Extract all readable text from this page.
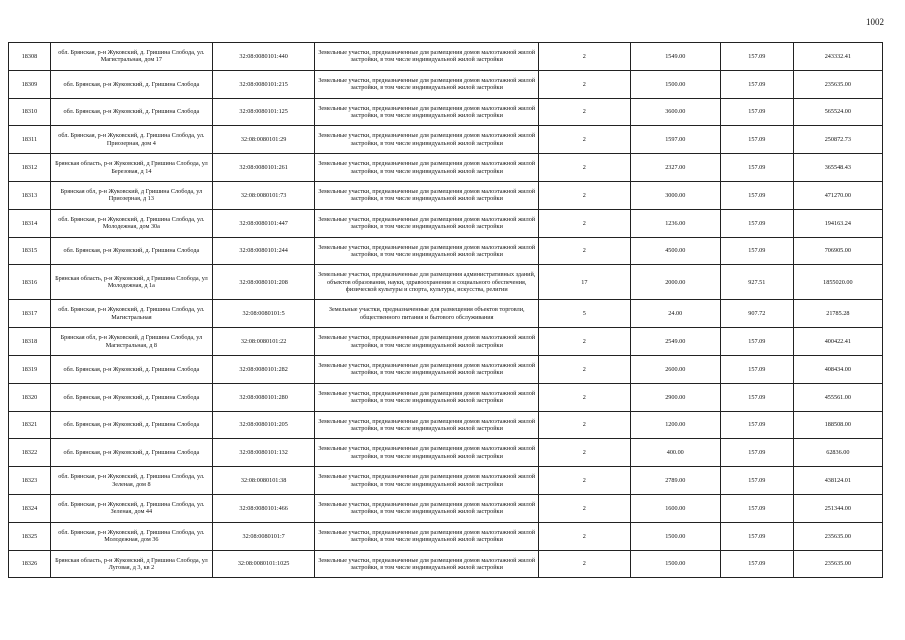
1002
18308	обл. Брянская, р-н Жуковский, д. Гришина Слобода, ул. Магистральная, дом 17	32:08:0080101:440	Земельные участки, предназначенные для размещения домов малоэтажной жилой застройки, в том числе индивидуальной жилой застройки	2	1549.00	157.09	243332.41
18309	обл. Брянская, р-н Жуковский, д. Гришина Слобода	32:08:0080101:215	Земельные участки, предназначенные для размещения домов малоэтажной жилой застройки, в том числе индивидуальной жилой застройки	2	1500.00	157.09	235635.00
18310	обл. Брянская, р-н Жуковский, д. Гришина Слобода	32:08:0080101:125	Земельные участки, предназначенные для размещения домов малоэтажной жилой застройки, в том числе индивидуальной жилой застройки	2	3600.00	157.09	565524.00
18311	обл. Брянская, р-н Жуковский, д. Гришина Слобода, ул. Приозерная, дом 4	32:08:0080101:29	Земельные участки, предназначенные для размещения домов малоэтажной жилой застройки, в том числе индивидуальной жилой застройки	2	1597.00	157.09	250872.73
18312	Брянская область, р-н Жуковский, д Гришина Слобода, ул Березовая, д 14	32:08:0080101:261	Земельные участки, предназначенные для размещения домов малоэтажной жилой застройки, в том числе индивидуальной жилой застройки	2	2327.00	157.09	365548.43
18313	Брянская обл, р-н Жуковский, д Гришина Слобода, ул Приозерная, д 13	32:08:0080101:73	Земельные участки, предназначенные для размещения домов малоэтажной жилой застройки, в том числе индивидуальной жилой застройки	2	3000.00	157.09	471270.00
18314	обл. Брянская, р-н Жуковский, д. Гришина Слобода, ул. Молодежная, дом 30а	32:08:0080101:447	Земельные участки, предназначенные для размещения домов малоэтажной жилой застройки, в том числе индивидуальной жилой застройки	2	1236.00	157.09	194163.24
18315	обл. Брянская, р-н Жуковский, д. Гришина Слобода	32:08:0080101:244	Земельные участки, предназначенные для размещения домов малоэтажной жилой застройки, в том числе индивидуальной жилой застройки	2	4500.00	157.09	706905.00
18316	Брянская область, р-н Жуковский, д Гришина Слобода, ул Молодежная, д 1а	32:08:0080101:208	Земельные участки, предназначенные для размещения административных зданий, объектов образования, науки, здравоохранения и социального обеспечения, физической культуры и спорта, культуры, искусства, религии	17	2000.00	927.51	1855020.00
18317	обл. Брянская, р-н Жуковский, д. Гришина Слобода, ул. Магистральная	32:08:0080101:5	Земельные участки, предназначенные для размещения объектов торговли, общественного питания и бытового обслуживания	5	24.00	907.72	21785.28
18318	Брянская обл, р-н Жуковский, д Гришина Слобода, ул Магистральная, д 8	32:08:0080101:22	Земельные участки, предназначенные для размещения домов малоэтажной жилой застройки, в том числе индивидуальной жилой застройки	2	2549.00	157.09	400422.41
18319	обл. Брянская, р-н Жуковский, д. Гришина Слобода	32:08:0080101:282	Земельные участки, предназначенные для размещения домов малоэтажной жилой застройки, в том числе индивидуальной жилой застройки	2	2600.00	157.09	408434.00
18320	обл. Брянская, р-н Жуковский, д. Гришина Слобода	32:08:0080101:280	Земельные участки, предназначенные для размещения домов малоэтажной жилой застройки, в том числе индивидуальной жилой застройки	2	2900.00	157.09	455561.00
18321	обл. Брянская, р-н Жуковский, д. Гришина Слобода	32:08:0080101:205	Земельные участки, предназначенные для размещения домов малоэтажной жилой застройки, в том числе индивидуальной жилой застройки	2	1200.00	157.09	188508.00
18322	обл. Брянская, р-н Жуковский, д. Гришина Слобода	32:08:0080101:132	Земельные участки, предназначенные для размещения домов малоэтажной жилой застройки, в том числе индивидуальной жилой застройки	2	400.00	157.09	62836.00
18323	обл. Брянская, р-н Жуковский, д. Гришина Слобода, ул. Зеленая, дом 8	32:08:0080101:38	Земельные участки, предназначенные для размещения домов малоэтажной жилой застройки, в том числе индивидуальной жилой застройки	2	2789.00	157.09	438124.01
18324	обл. Брянская, р-н Жуковский, д. Гришина Слобода, ул. Зеленая, дом 44	32:08:0080101:466	Земельные участки, предназначенные для размещения домов малоэтажной жилой застройки, в том числе индивидуальной жилой застройки	2	1600.00	157.09	251344.00
18325	обл. Брянская, р-н Жуковский, д. Гришина Слобода, ул. Молодежная, дом 36	32:08:0080101:7	Земельные участки, предназначенные для размещения домов малоэтажной жилой застройки, в том числе индивидуальной жилой застройки	2	1500.00	157.09	235635.00
18326	Брянская область, р-н Жуковский, д Гришина Слобода, ул Луговая, д 3, кв 2	32:08:0080101:1025	Земельные участки, предназначенные для размещения домов малоэтажной жилой застройки, в том числе индивидуальной жилой застройки	2	1500.00	157.09	235635.00
